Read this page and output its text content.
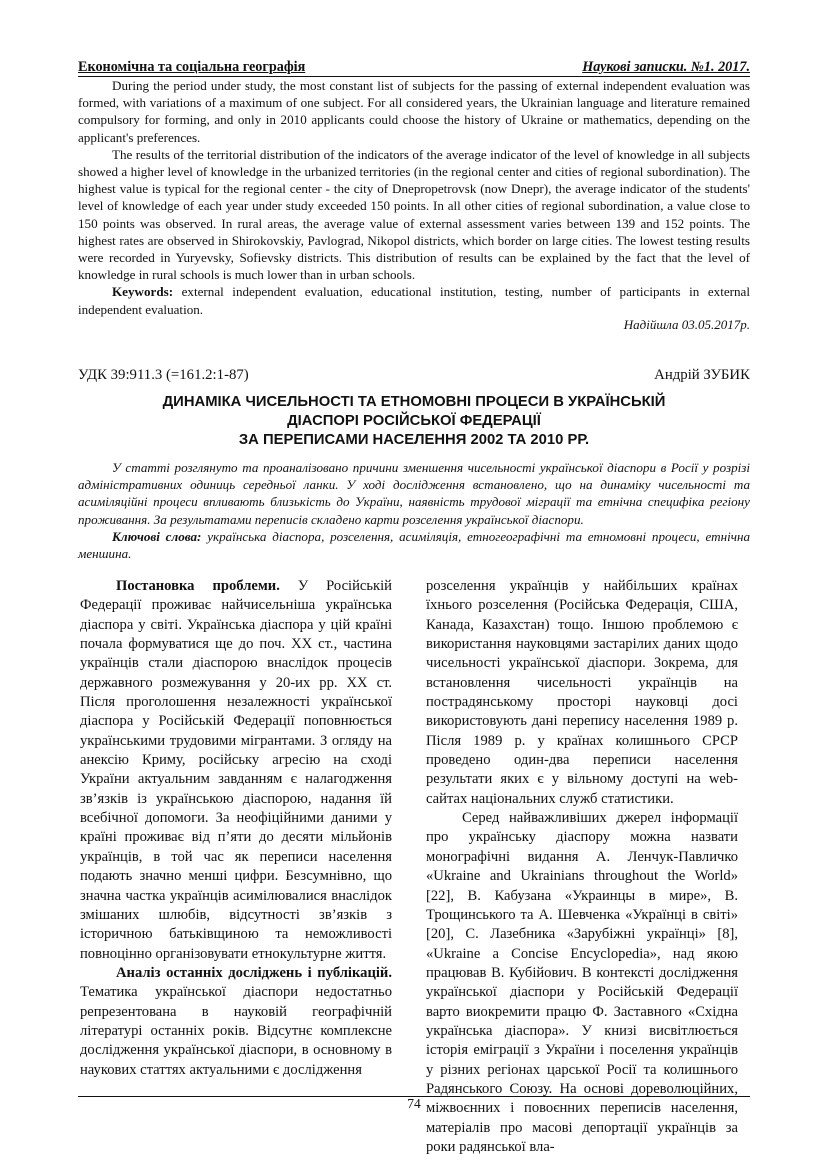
Економічна та соціальна географія	Наукові записки. №1. 2017.

During the period under study, the most constant list of subjects for the passing of external independent evaluation was formed, with variations of a maximum of one subject. For all considered years, the Ukrainian language and literature remained compulsory for forming, and only in 2010 applicants could choose the history of Ukraine or mathematics, depending on the applicant's preferences.

The results of the territorial distribution of the indicators of the average indicator of the level of knowledge in all subjects showed a higher level of knowledge in the urbanized territories (in the regional center and cities of regional subordination). The highest value is typical for the regional center - the city of Dnepropetrovsk (now Dnepr), the average indicator of the students' level of knowledge of each year under study exceeded 150 points. In all other cities of regional subordination, a value close to 150 points was observed. In rural areas, the average value of external assessment varies between 139 and 152 points. The highest rates are observed in Shirokovskiy, Pavlograd, Nikopol districts, which border on large cities. The lowest testing results were recorded in Yuryevsky, Sofievsky districts. This distribution of results can be explained by the fact that the level of knowledge in rural schools is much lower than in urban schools.

Keywords: external independent evaluation, educational institution, testing, number of participants in external independent evaluation.

Надійшла 03.05.2017р.
УДК 39:911.3 (=161.2:1-87)	Андрій ЗУБИК
ДИНАМІКА ЧИСЕЛЬНОСТІ ТА ЕТНОМОВНІ ПРОЦЕСИ В УКРАЇНСЬКІЙ
ДІАСПОРІ РОСІЙСЬКОЇ ФЕДЕРАЦІЇ
ЗА ПЕРЕПИСАМИ НАСЕЛЕННЯ 2002 ТА 2010 РР.

У статті розглянуто та проаналізовано причини зменшення чисельності української діаспори в Росії у розрізі адміністративних одиниць середньої ланки. У ході дослідження встановлено, що на динаміку чисельності та асиміляційні процеси впливають близькість до України, наявність трудової міграції та етнічна специфіка регіону проживання. За результатами переписів складено карти розселення української діаспори.

Ключові слова: українська діаспора, розселення, асиміляція, етногеографічні та етномовні процеси, етнічна меншина.

Постановка проблеми. У Російській Федерації проживає найчисельніша українська діаспора у світі. Українська діаспора у цій країні почала формуватися ще до поч. ХХ ст., частина українців стали діаспорою внаслідок процесів державного розмежування у 20-их рр. ХХ ст. Після проголошення незалежності української діаспора у Російській Федерації поповнюється українськими трудовими мігрантами. З огляду на анексію Криму, російську агресію на сході України актуальним завданням є налагодження зв’язків із українською діаспорою, надання їй всебічної допомоги. За неофіційними даними у країні проживає від п’яти до десяти мільйонів українців, в той час як переписи населення подають значно менші цифри. Безсумнівно, що значна частка українців асимілювалися внаслідок змішаних шлюбів, відсутності зв’язків з історичною батьківщиною та неможливості повноцінно організовувати етнокультурне життя.

Аналіз останніх досліджень і публікацій. Тематика української діаспори недостатньо репрезентована в науковій географічній літературі останніх років. Відсутнє комплексне дослідження української діаспори, в основному в наукових статтях актуальними є дослідження

розселення українців у найбільших країнах їхнього розселення (Російська Федерація, США, Канада, Казахстан) тощо. Іншою проблемою є використання науковцями застарілих даних щодо чисельності української діаспори. Зокрема, для встановлення чисельності українців на пострадянському просторі науковці досі використовують дані перепису населення 1989 р. Після 1989 р. у країнах колишнього СРСР проведено один-два переписи населення результати яких є у вільному доступі на web-сайтах національних служб статистики.

Серед найважливіших джерел інформації про українську діаспору можна назвати монографічні видання А. Ленчук-Павличко «Ukraine and Ukrainians throughout the World» [22], В. Кабузана «Украинцы в мире», В. Трощинського та А. Шевченка «Українці в світі» [20], С. Лазебника «Зарубіжні українці» [8], «Ukraine a Concise Encyclopedia», над якою працював В. Кубійович. В контексті дослідження української діаспори у Російській Федерації варто виокремити працю Ф. Заставного «Східна українська діаспора». У книзі висвітлюється історія еміграції з України і поселення українців у різних регіонах царської Росії та колишнього Радянського Союзу. На основі дореволюційних, міжвоєнних і повоєнних переписів населення, матеріалів про масові депортації українців за роки радянської вла-

74
